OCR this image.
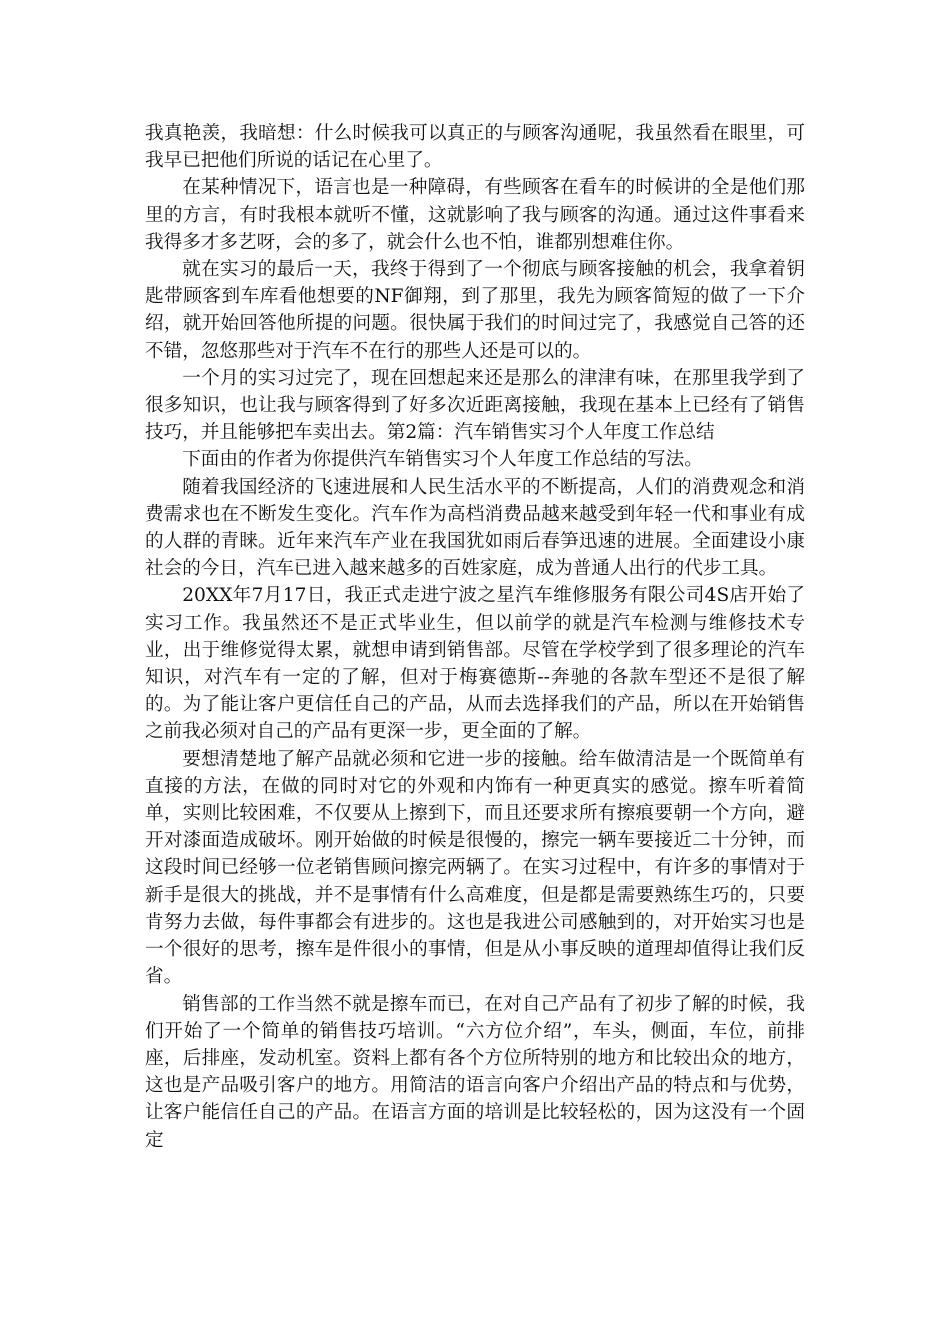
我真艳羡，我暗想：什么时候我可以真正的与顾客沟通呢，我虽然看在眼里，可我早已把他们所说的话记在心里了。

在某种情况下，语言也是一种障碍，有些顾客在看车的时候讲的全是他们那里的方言，有时我根本就听不懂，这就影响了我与顾客的沟通。通过这件事看来我得多才多艺呀，会的多了，就会什么也不怕，谁都别想难住你。

就在实习的最后一天，我终于得到了一个彻底与顾客接触的机会，我拿着钥匙带顾客到车库看他想要的NF御翔，到了那里，我先为顾客简短的做了一下介绍，就开始回答他所提的问题。很快属于我们的时间过完了，我感觉自己答的还不错，忽悠那些对于汽车不在行的那些人还是可以的。

一个月的实习过完了，现在回想起来还是那么的津津有味，在那里我学到了很多知识，也让我与顾客得到了好多次近距离接触，我现在基本上已经有了销售技巧，并且能够把车卖出去。第2篇：汽车销售实习个人年度工作总结

下面由的作者为你提供汽车销售实习个人年度工作总结的写法。

随着我国经济的飞速进展和人民生活水平的不断提高，人们的消费观念和消费需求也在不断发生变化。汽车作为高档消费品越来越受到年轻一代和事业有成的人群的青睐。近年来汽车产业在我国犹如雨后春笋迅速的进展。全面建设小康社会的今日，汽车已进入越来越多的百姓家庭，成为普通人出行的代步工具。

20XX年7月17日，我正式走进宁波之星汽车维修服务有限公司4S店开始了实习工作。我虽然还不是正式毕业生，但以前学的就是汽车检测与维修技术专业，出于维修觉得太累，就想申请到销售部。尽管在学校学到了很多理论的汽车知识，对汽车有一定的了解，但对于梅赛德斯--奔驰的各款车型还不是很了解的。为了能让客户更信任自己的产品，从而去选择我们的产品，所以在开始销售之前我必须对自己的产品有更深一步，更全面的了解。

要想清楚地了解产品就必须和它进一步的接触。给车做清洁是一个既简单有直接的方法，在做的同时对它的外观和内饰有一种更真实的感觉。擦车听着简单，实则比较困难，不仅要从上擦到下，而且还要求所有擦痕要朝一个方向，避开对漆面造成破坏。刚开始做的时候是很慢的，擦完一辆车要接近二十分钟，而这段时间已经够一位老销售顾问擦完两辆了。在实习过程中，有许多的事情对于新手是很大的挑战，并不是事情有什么高难度，但是都是需要熟练生巧的，只要肯努力去做，每件事都会有进步的。这也是我进公司感触到的，对开始实习也是一个很好的思考，擦车是件很小的事情，但是从小事反映的道理却值得让我们反省。

销售部的工作当然不就是擦车而已，在对自己产品有了初步了解的时候，我们开始了一个简单的销售技巧培训。“六方位介绍”，车头，侧面，车位，前排座，后排座，发动机室。资料上都有各个方位所特别的地方和比较出众的地方，这也是产品吸引客户的地方。用简洁的语言向客户介绍出产品的特点和与优势，让客户能信任自己的产品。在语言方面的培训是比较轻松的，因为这没有一个固定
